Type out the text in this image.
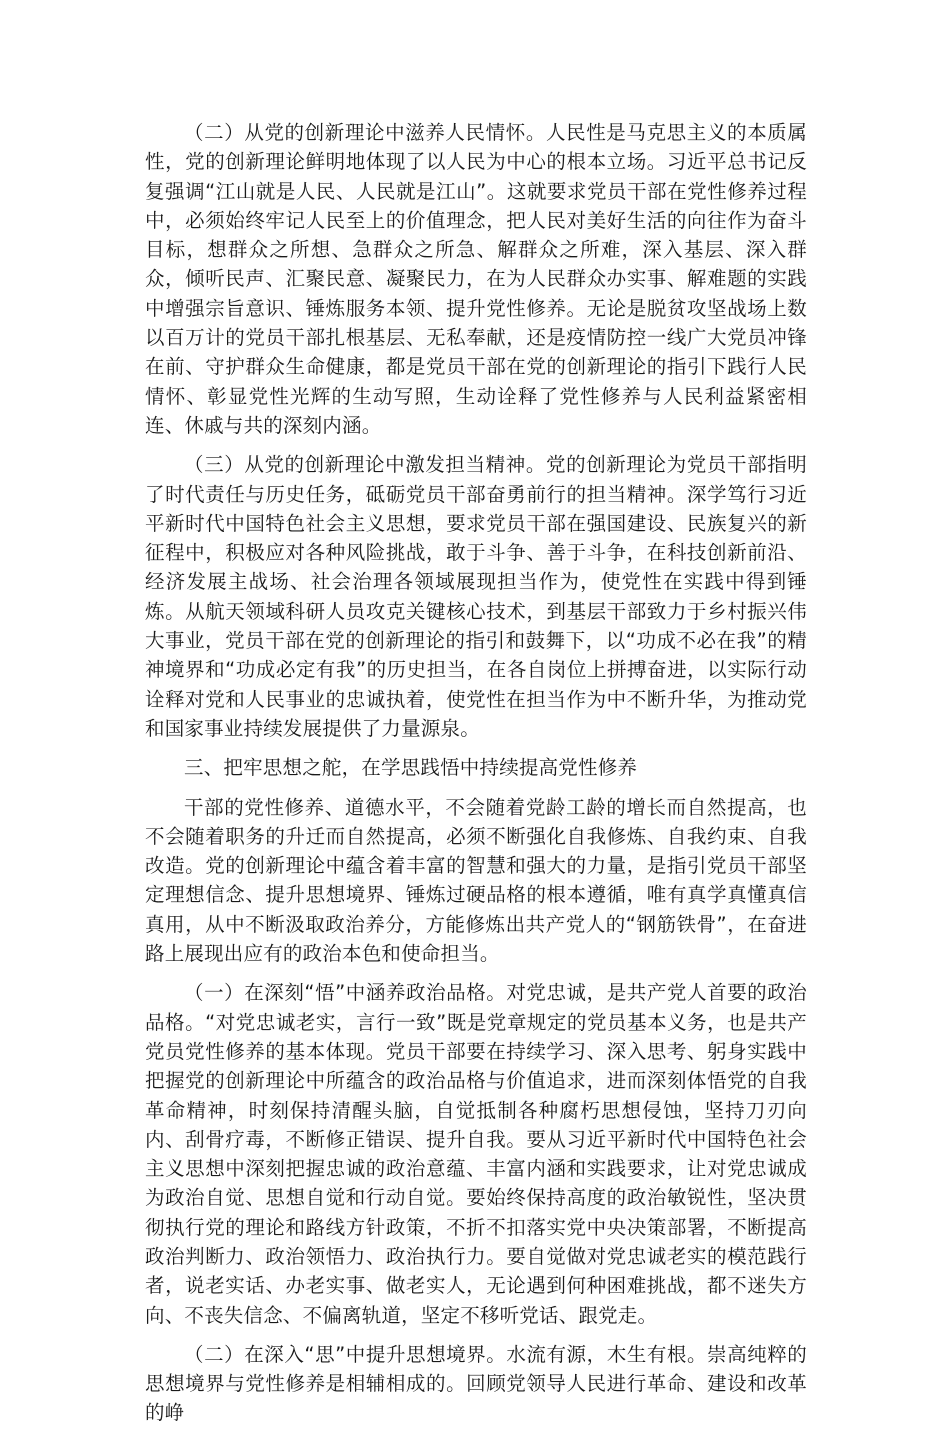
（二）从党的创新理论中滋养人民情怀。人民性是马克思主义的本质属性，党的创新理论鲜明地体现了以人民为中心的根本立场。习近平总书记反复强调“江山就是人民、人民就是江山”。这就要求党员干部在党性修养过程中，必须始终牢记人民至上的价值理念，把人民对美好生活的向往作为奋斗目标，想群众之所想、急群众之所急、解群众之所难，深入基层、深入群众，倾听民声、汇聚民意、凝聚民力，在为人民群众办实事、解难题的实践中增强宗旨意识、锤炼服务本领、提升党性修养。无论是脱贫攻坚战场上数以百万计的党员干部扎根基层、无私奉献，还是疫情防控一线广大党员冲锋在前、守护群众生命健康，都是党员干部在党的创新理论的指引下践行人民情怀、彰显党性光辉的生动写照，生动诠释了党性修养与人民利益紧密相连、休戚与共的深刻内涵。

（三）从党的创新理论中激发担当精神。党的创新理论为党员干部指明了时代责任与历史任务，砥砺党员干部奋勇前行的担当精神。深学笃行习近平新时代中国特色社会主义思想，要求党员干部在强国建设、民族复兴的新征程中，积极应对各种风险挑战，敢于斗争、善于斗争，在科技创新前沿、经济发展主战场、社会治理各领域展现担当作为，使党性在实践中得到锤炼。从航天领域科研人员攻克关键核心技术，到基层干部致力于乡村振兴伟大事业，党员干部在党的创新理论的指引和鼓舞下，以“功成不必在我”的精神境界和“功成必定有我”的历史担当，在各自岗位上拼搏奋进，以实际行动诠释对党和人民事业的忠诚执着，使党性在担当作为中不断升华，为推动党和国家事业持续发展提供了力量源泉。

三、把牢思想之舵，在学思践悟中持续提高党性修养

干部的党性修养、道德水平，不会随着党龄工龄的增长而自然提高，也不会随着职务的升迁而自然提高，必须不断强化自我修炼、自我约束、自我改造。党的创新理论中蕴含着丰富的智慧和强大的力量，是指引党员干部坚定理想信念、提升思想境界、锤炼过硬品格的根本遵循，唯有真学真懂真信真用，从中不断汲取政治养分，方能修炼出共产党人的“钢筋铁骨”，在奋进路上展现出应有的政治本色和使命担当。

（一）在深刻“悟”中涵养政治品格。对党忠诚，是共产党人首要的政治品格。“对党忠诚老实，言行一致”既是党章规定的党员基本义务，也是共产党员党性修养的基本体现。党员干部要在持续学习、深入思考、躬身实践中把握党的创新理论中所蕴含的政治品格与价值追求，进而深刻体悟党的自我革命精神，时刻保持清醒头脑，自觉抵制各种腐朽思想侵蚀，坚持刀刃向内、刮骨疗毒，不断修正错误、提升自我。要从习近平新时代中国特色社会主义思想中深刻把握忠诚的政治意蕴、丰富内涵和实践要求，让对党忠诚成为政治自觉、思想自觉和行动自觉。要始终保持高度的政治敏锐性，坚决贯彻执行党的理论和路线方针政策，不折不扣落实党中央决策部署，不断提高政治判断力、政治领悟力、政治执行力。要自觉做对党忠诚老实的模范践行者，说老实话、办老实事、做老实人，无论遇到何种困难挑战，都不迷失方向、不丧失信念、不偏离轨道，坚定不移听党话、跟党走。

（二）在深入“思”中提升思想境界。水流有源，木生有根。崇高纯粹的思想境界与党性修养是相辅相成的。回顾党领导人民进行革命、建设和改革的峥
